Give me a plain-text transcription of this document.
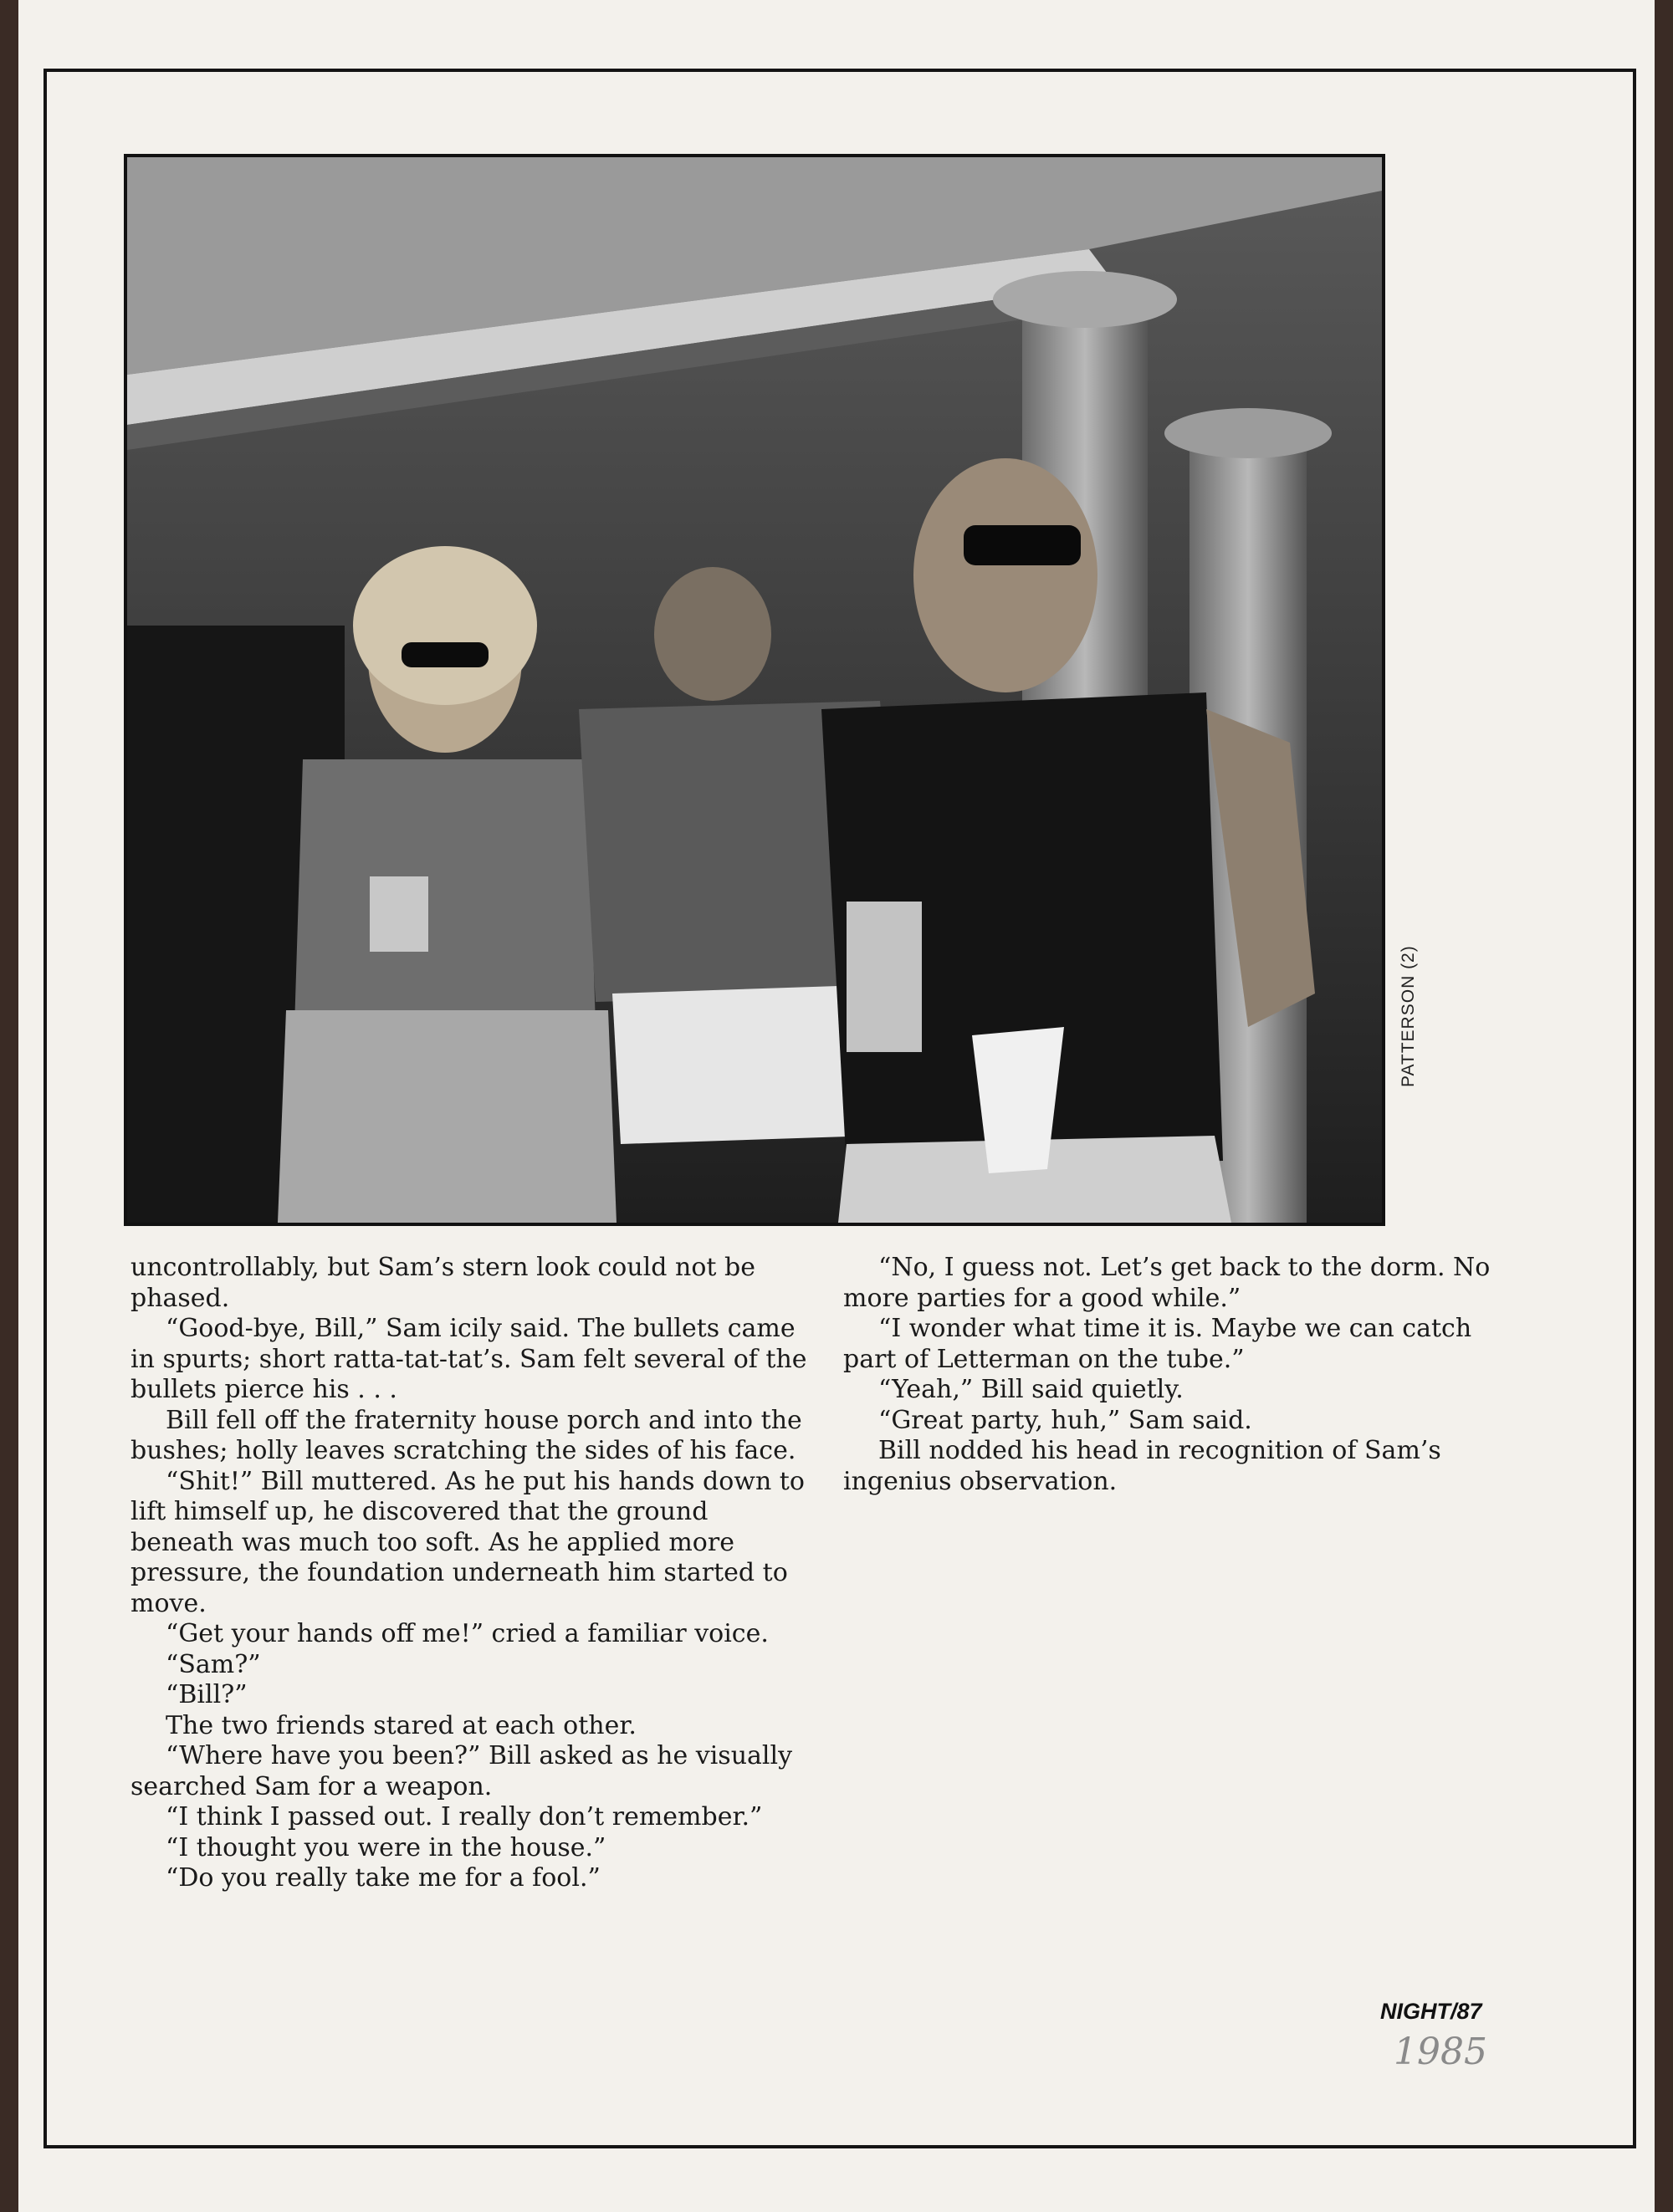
PATTERSON (2)

uncontrollably, but Sam’s stern look could not be phased.

“Good-bye, Bill,” Sam icily said. The bullets came in spurts; short ratta-tat-tat’s. Sam felt several of the bullets pierce his . . .

Bill fell off the fraternity house porch and into the bushes; holly leaves scratching the sides of his face.

“Shit!” Bill muttered. As he put his hands down to lift himself up, he discovered that the ground beneath was much too soft. As he applied more pressure, the foundation underneath him started to move.

“Get your hands off me!” cried a familiar voice.

“Sam?”

“Bill?”

The two friends stared at each other.

“Where have you been?” Bill asked as he visually searched Sam for a weapon.

“I think I passed out. I really don’t remember.”

“I thought you were in the house.”

“Do you really take me for a fool.”

“No, I guess not. Let’s get back to the dorm. No more parties for a good while.”

“I wonder what time it is. Maybe we can catch part of Letterman on the tube.”

“Yeah,” Bill said quietly.

“Great party, huh,” Sam said.

Bill nodded his head in recognition of Sam’s ingenius observation.

NIGHT/87
1985
